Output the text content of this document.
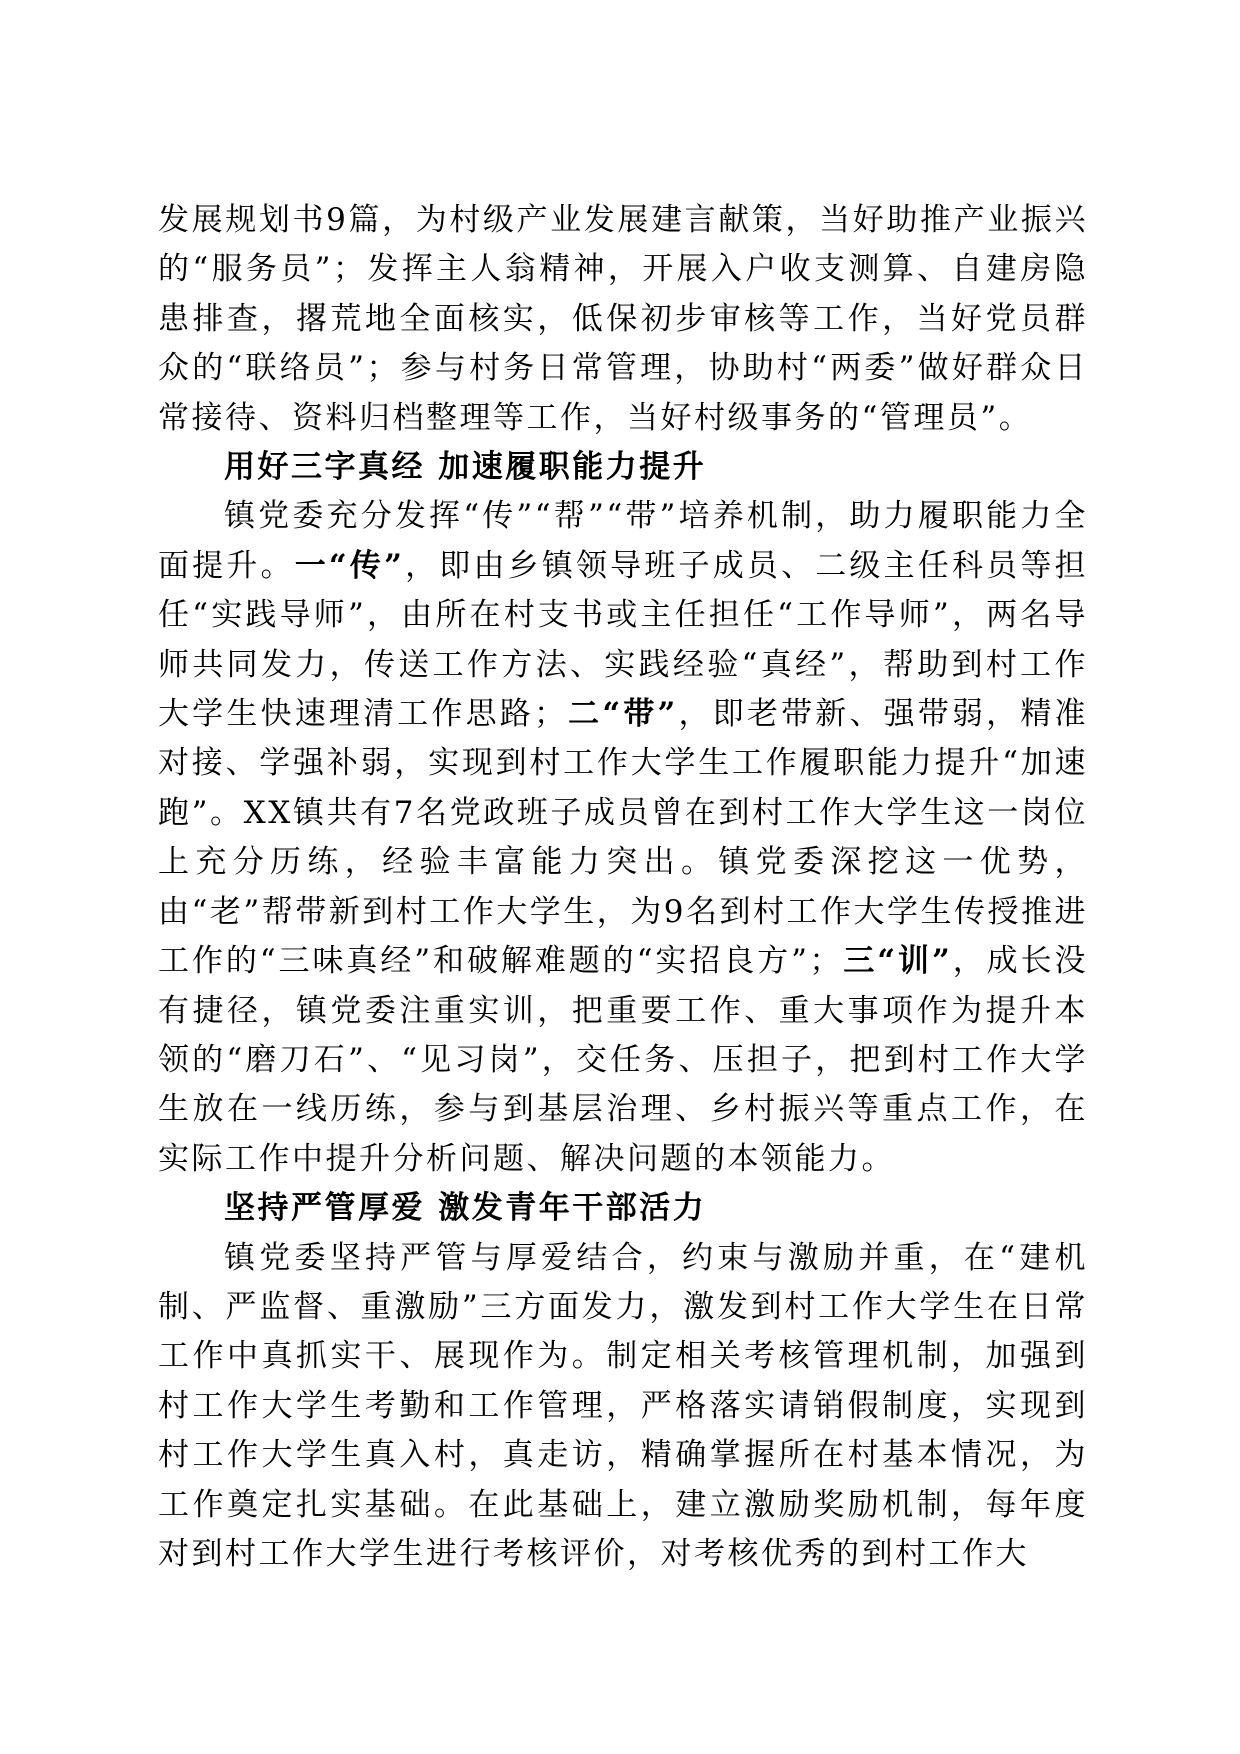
发展规划书9篇，为村级产业发展建言献策，当好助推产业振兴的“服务员”；发挥主人翁精神，开展入户收支测算、自建房隐患排查，撂荒地全面核实，低保初步审核等工作，当好党员群众的“联络员”；参与村务日常管理，协助村“两委”做好群众日常接待、资料归档整理等工作，当好村级事务的“管理员”。

用好三字真经 加速履职能力提升

镇党委充分发挥“传”“帮”“带”培养机制，助力履职能力全面提升。一“传”，即由乡镇领导班子成员、二级主任科员等担任“实践导师”，由所在村支书或主任担任“工作导师”，两名导师共同发力，传送工作方法、实践经验“真经”，帮助到村工作大学生快速理清工作思路；二“带”，即老带新、强带弱，精准对接、学强补弱，实现到村工作大学生工作履职能力提升“加速跑”。XX镇共有7名党政班子成员曾在到村工作大学生这一岗位上充分历练，经验丰富能力突出。镇党委深挖这一优势，由“老”帮带新到村工作大学生，为9名到村工作大学生传授推进工作的“三味真经”和破解难题的“实招良方”；三“训”，成长没有捷径，镇党委注重实训，把重要工作、重大事项作为提升本领的“磨刀石”、“见习岗”，交任务、压担子，把到村工作大学生放在一线历练，参与到基层治理、乡村振兴等重点工作，在实际工作中提升分析问题、解决问题的本领能力。

坚持严管厚爱 激发青年干部活力

镇党委坚持严管与厚爱结合，约束与激励并重，在“建机制、严监督、重激励”三方面发力，激发到村工作大学生在日常工作中真抓实干、展现作为。制定相关考核管理机制，加强到村工作大学生考勤和工作管理，严格落实请销假制度，实现到村工作大学生真入村，真走访，精确掌握所在村基本情况，为工作奠定扎实基础。在此基础上，建立激励奖励机制，每年度对到村工作大学生进行考核评价，对考核优秀的到村工作大
